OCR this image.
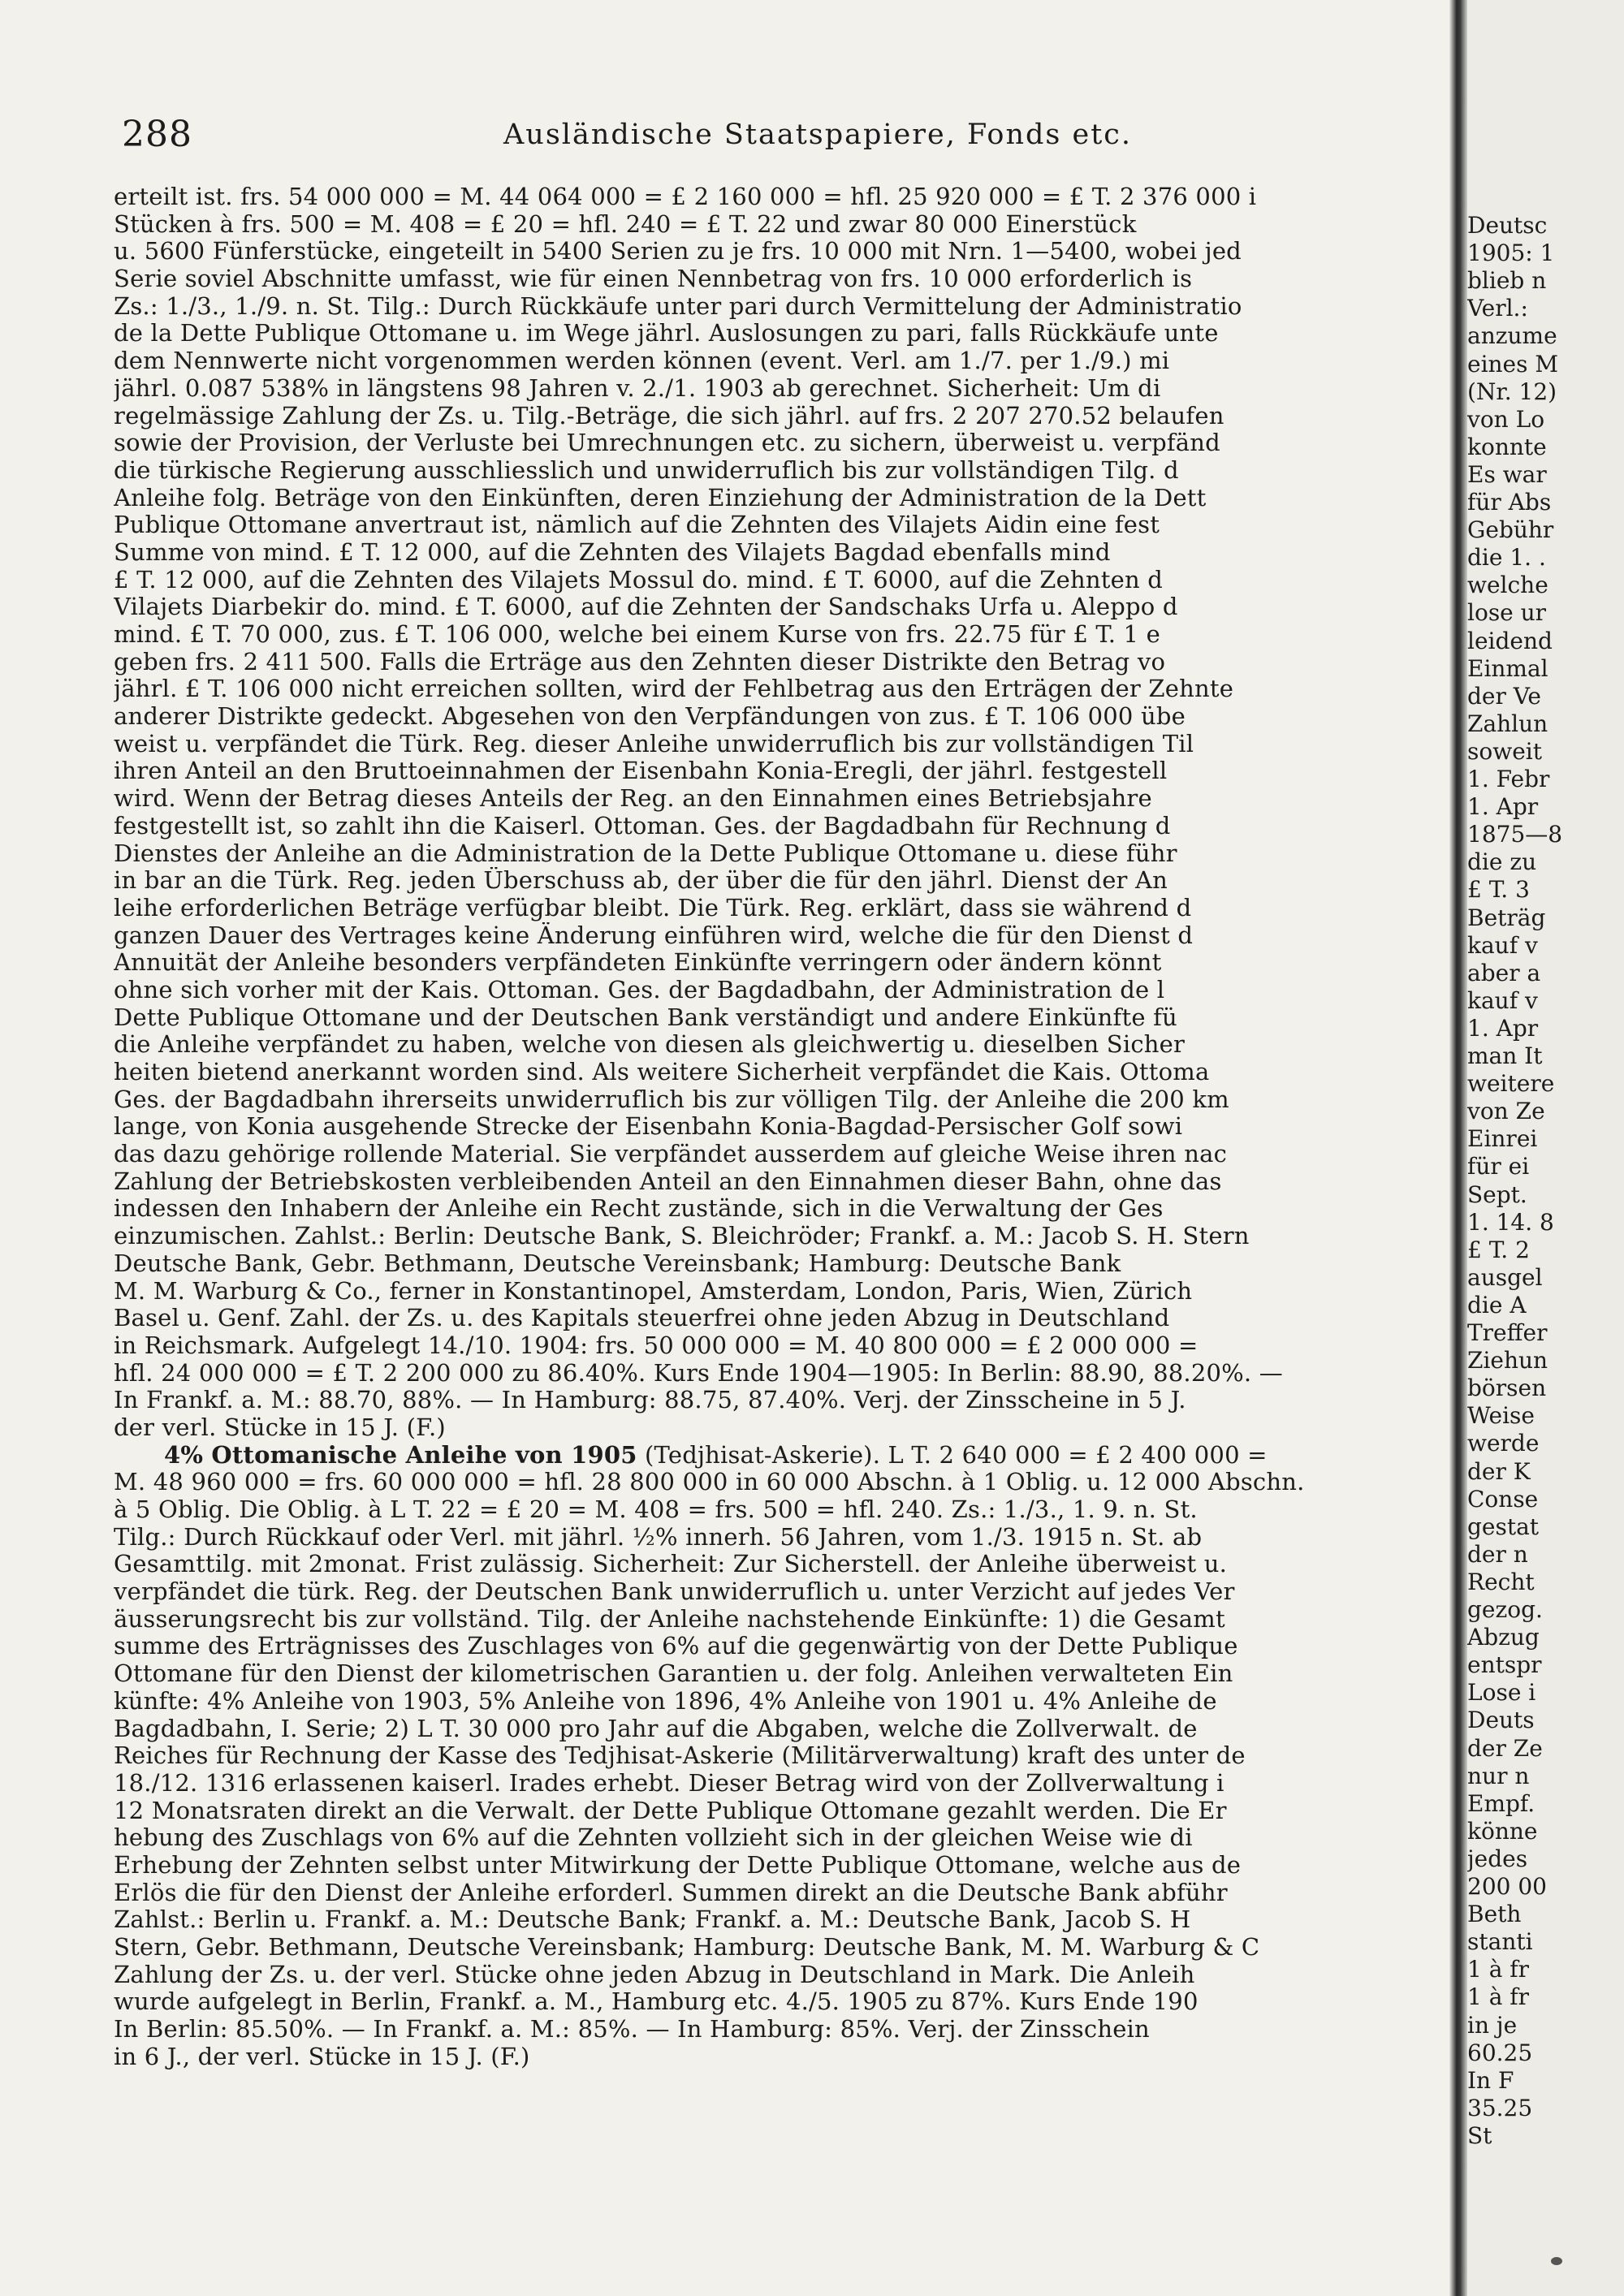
288	Ausländische Staatspapiere, Fonds etc.
erteilt ist. frs. 54 000 000 = M. 44 064 000 = £ 2 160 000 = hfl. 25 920 000 = £ T. 2 376 000 i
Stücken à frs. 500 = M. 408 = £ 20 = hfl. 240 = £ T. 22 und zwar 80 000 Einerstück
u. 5600 Fünferstücke, eingeteilt in 5400 Serien zu je frs. 10 000 mit Nrn. 1—5400, wobei jed
Serie soviel Abschnitte umfasst, wie für einen Nennbetrag von frs. 10 000 erforderlich is
Zs.: 1./3., 1./9. n. St. Tilg.: Durch Rückkäufe unter pari durch Vermittelung der Administratio
de la Dette Publique Ottomane u. im Wege jährl. Auslosungen zu pari, falls Rückkäufe unte
dem Nennwerte nicht vorgenommen werden können (event. Verl. am 1./7. per 1./9.) mi
jährl. 0.087 538% in längstens 98 Jahren v. 2./1. 1903 ab gerechnet. Sicherheit: Um di
regelmässige Zahlung der Zs. u. Tilg.-Beträge, die sich jährl. auf frs. 2 207 270.52 belaufen
sowie der Provision, der Verluste bei Umrechnungen etc. zu sichern, überweist u. verpfänd
die türkische Regierung ausschliesslich und unwiderruflich bis zur vollständigen Tilg. d
Anleihe folg. Beträge von den Einkünften, deren Einziehung der Administration de la Dett
Publique Ottomane anvertraut ist, nämlich auf die Zehnten des Vilajets Aidin eine fest
Summe von mind. £ T. 12 000, auf die Zehnten des Vilajets Bagdad ebenfalls mind
£ T. 12 000, auf die Zehnten des Vilajets Mossul do. mind. £ T. 6000, auf die Zehnten d
Vilajets Diarbekir do. mind. £ T. 6000, auf die Zehnten der Sandschaks Urfa u. Aleppo d
mind. £ T. 70 000, zus. £ T. 106 000, welche bei einem Kurse von frs. 22.75 für £ T. 1 e
geben frs. 2 411 500. Falls die Erträge aus den Zehnten dieser Distrikte den Betrag vo
jährl. £ T. 106 000 nicht erreichen sollten, wird der Fehlbetrag aus den Erträgen der Zehnte
anderer Distrikte gedeckt. Abgesehen von den Verpfändungen von zus. £ T. 106 000 übe
weist u. verpfändet die Türk. Reg. dieser Anleihe unwiderruflich bis zur vollständigen Til
ihren Anteil an den Bruttoeinnahmen der Eisenbahn Konia-Eregli, der jährl. festgestell
wird. Wenn der Betrag dieses Anteils der Reg. an den Einnahmen eines Betriebsjahre
festgestellt ist, so zahlt ihn die Kaiserl. Ottoman. Ges. der Bagdadbahn für Rechnung d
Dienstes der Anleihe an die Administration de la Dette Publique Ottomane u. diese führ
in bar an die Türk. Reg. jeden Überschuss ab, der über die für den jährl. Dienst der An
leihe erforderlichen Beträge verfügbar bleibt. Die Türk. Reg. erklärt, dass sie während d
ganzen Dauer des Vertrages keine Änderung einführen wird, welche die für den Dienst d
Annuität der Anleihe besonders verpfändeten Einkünfte verringern oder ändern könnt
ohne sich vorher mit der Kais. Ottoman. Ges. der Bagdadbahn, der Administration de l
Dette Publique Ottomane und der Deutschen Bank verständigt und andere Einkünfte fü
die Anleihe verpfändet zu haben, welche von diesen als gleichwertig u. dieselben Sicher
heiten bietend anerkannt worden sind. Als weitere Sicherheit verpfändet die Kais. Ottoma
Ges. der Bagdadbahn ihrerseits unwiderruflich bis zur völligen Tilg. der Anleihe die 200 km
lange, von Konia ausgehende Strecke der Eisenbahn Konia-Bagdad-Persischer Golf sowi
das dazu gehörige rollende Material. Sie verpfändet ausserdem auf gleiche Weise ihren nac
Zahlung der Betriebskosten verbleibenden Anteil an den Einnahmen dieser Bahn, ohne das
indessen den Inhabern der Anleihe ein Recht zustände, sich in die Verwaltung der Ges
einzumischen. Zahlst.: Berlin: Deutsche Bank, S. Bleichröder; Frankf. a. M.: Jacob S. H. Stern
Deutsche Bank, Gebr. Bethmann, Deutsche Vereinsbank; Hamburg: Deutsche Bank
M. M. Warburg & Co., ferner in Konstantinopel, Amsterdam, London, Paris, Wien, Zürich
Basel u. Genf. Zahl. der Zs. u. des Kapitals steuerfrei ohne jeden Abzug in Deutschland
in Reichsmark. Aufgelegt 14./10. 1904: frs. 50 000 000 = M. 40 800 000 = £ 2 000 000 =
hfl. 24 000 000 = £ T. 2 200 000 zu 86.40%. Kurs Ende 1904—1905: In Berlin: 88.90, 88.20%. —
In Frankf. a. M.: 88.70, 88%. — In Hamburg: 88.75, 87.40%. Verj. der Zinsscheine in 5 J.
der verl. Stücke in 15 J. (F.)
4% Ottomanische Anleihe von 1905 (Tedjhisat-Askerie). L T. 2 640 000 = £ 2 400 000 =
M. 48 960 000 = frs. 60 000 000 = hfl. 28 800 000 in 60 000 Abschn. à 1 Oblig. u. 12 000 Abschn.
à 5 Oblig. Die Oblig. à L T. 22 = £ 20 = M. 408 = frs. 500 = hfl. 240. Zs.: 1./3., 1. 9. n. St.
Tilg.: Durch Rückkauf oder Verl. mit jährl. ½% innerh. 56 Jahren, vom 1./3. 1915 n. St. ab
Gesamttilg. mit 2monat. Frist zulässig. Sicherheit: Zur Sicherstell. der Anleihe überweist u.
verpfändet die türk. Reg. der Deutschen Bank unwiderruflich u. unter Verzicht auf jedes Ver
äusserungsrecht bis zur vollständ. Tilg. der Anleihe nachstehende Einkünfte: 1) die Gesamt
summe des Erträgnisses des Zuschlages von 6% auf die gegenwärtig von der Dette Publique
Ottomane für den Dienst der kilometrischen Garantien u. der folg. Anleihen verwalteten Ein
künfte: 4% Anleihe von 1903, 5% Anleihe von 1896, 4% Anleihe von 1901 u. 4% Anleihe de
Bagdadbahn, I. Serie; 2) L T. 30 000 pro Jahr auf die Abgaben, welche die Zollverwalt. de
Reiches für Rechnung der Kasse des Tedjhisat-Askerie (Militärverwaltung) kraft des unter de
18./12. 1316 erlassenen kaiserl. Irades erhebt. Dieser Betrag wird von der Zollverwaltung i
12 Monatsraten direkt an die Verwalt. der Dette Publique Ottomane gezahlt werden. Die Er
hebung des Zuschlags von 6% auf die Zehnten vollzieht sich in der gleichen Weise wie di
Erhebung der Zehnten selbst unter Mitwirkung der Dette Publique Ottomane, welche aus de
Erlös die für den Dienst der Anleihe erforderl. Summen direkt an die Deutsche Bank abführ
Zahlst.: Berlin u. Frankf. a. M.: Deutsche Bank; Frankf. a. M.: Deutsche Bank, Jacob S. H
Stern, Gebr. Bethmann, Deutsche Vereinsbank; Hamburg: Deutsche Bank, M. M. Warburg & C
Zahlung der Zs. u. der verl. Stücke ohne jeden Abzug in Deutschland in Mark. Die Anleih
wurde aufgelegt in Berlin, Frankf. a. M., Hamburg etc. 4./5. 1905 zu 87%. Kurs Ende 190
In Berlin: 85.50%. — In Frankf. a. M.: 85%. — In Hamburg: 85%. Verj. der Zinsschein
in 6 J., der verl. Stücke in 15 J. (F.)
Deutsc
1905: 1
blieb n
Verl.:
anzume
eines M
(Nr. 12)
von Lo
konnte
Es war
für Abs
Gebühr
die 1. .
welche
lose ur
leidend
Einmal
der Ve
Zahlun
soweit
1. Febr
1. Apr
1875—8
die zu
£ T. 3
Beträg
kauf v
aber a
kauf v
1. Apr
man It
weitere
von Ze
Einrei
für ei
Sept.
1. 14. 8
£ T. 2
ausgel
die A
Treffer
Ziehun
börsen
Weise
werde
der K
Conse
gestat
der n
Recht
gezog.
Abzug
entspr
Lose i
Deuts
der Ze
nur n
Empf.
könne
jedes
200 00
Beth
stanti
1 à fr
1 à fr
in je
60.25
In F
35.25
St
